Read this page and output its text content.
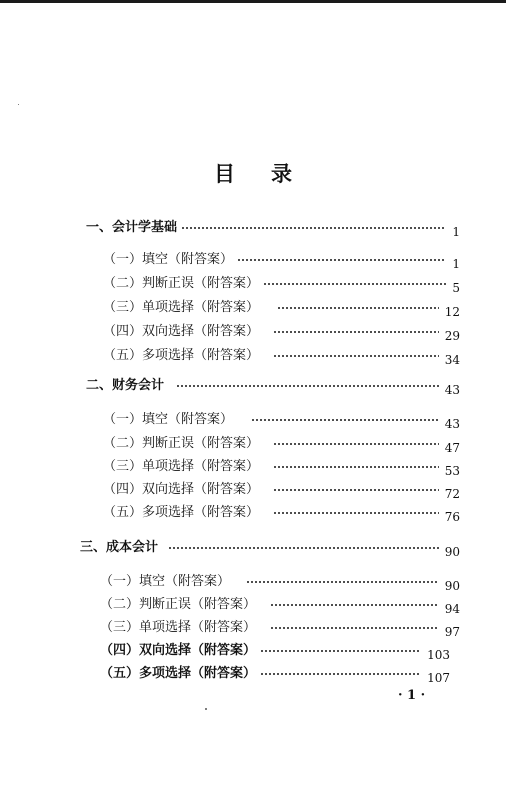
目 录
一、会计学基础	1
（一）填空（附答案）	1
（二）判断正误（附答案）	5
（三）单项选择（附答案）	12
（四）双向选择（附答案）	29
（五）多项选择（附答案）	34
二、财务会计	43
（一）填空（附答案）	43
（二）判断正误（附答案）	47
（三）单项选择（附答案）	53
（四）双向选择（附答案）	72
（五）多项选择（附答案）	76
三、成本会计	90
（一）填空（附答案）	90
（二）判断正误（附答案）	94
（三）单项选择（附答案）	97
（四）双向选择（附答案）	103
（五）多项选择（附答案）	107
· 1 ·
